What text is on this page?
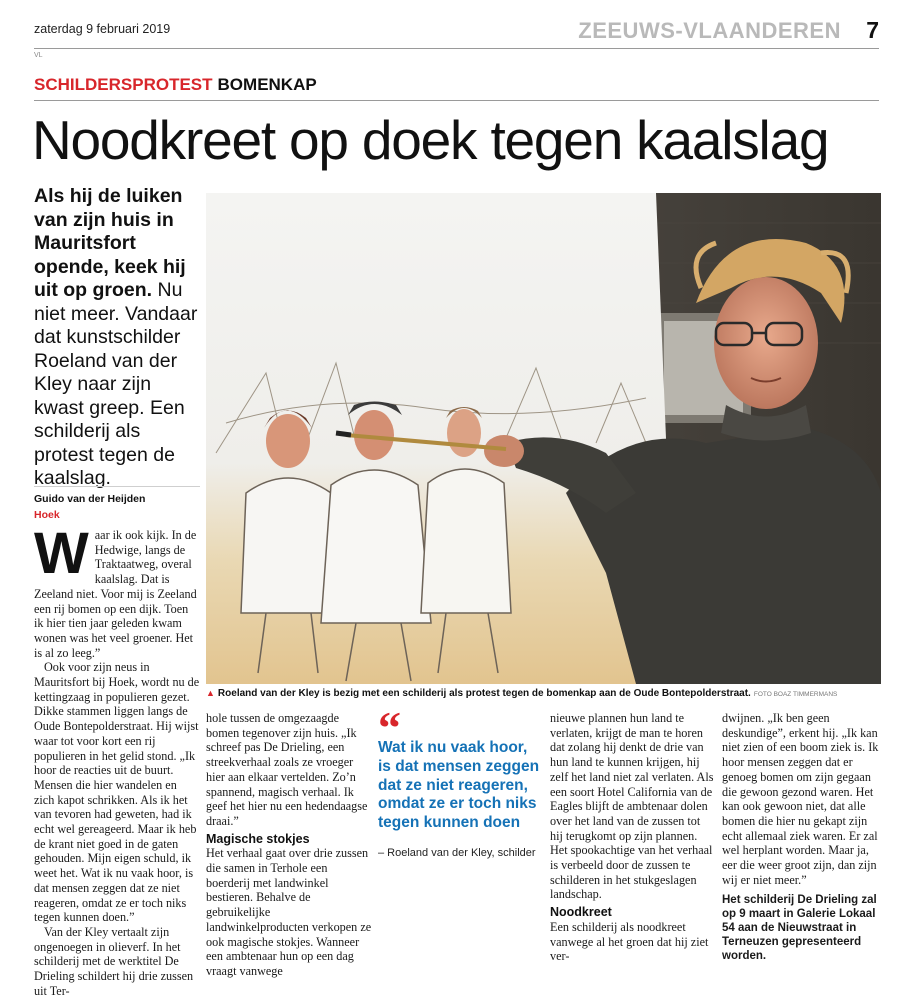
zaterdag 9 februari 2019	ZEEUWS-VLAANDEREN 7
VL
SCHILDERSPROTEST BOMENKAP
Noodkreet op doek tegen kaalslag
Als hij de luiken van zijn huis in Mauritsfort opende, keek hij uit op groen. Nu niet meer. Vandaar dat kunstschilder Roeland van der Kley naar zijn kwast greep. Een schilderij als protest tegen de kaalslag.
Guido van der Heijden
Hoek

Waar ik ook kijk. In de Hedwige, langs de Traktaatweg, overal kaalslag. Dat is Zeeland niet. Voor mij is Zeeland een rij bomen op een dijk. Toen ik hier tien jaar geleden kwam wonen was het veel groener. Het is al zo leeg.”

Ook voor zijn neus in Mauritsfort bij Hoek, wordt nu de kettingzaag in populieren gezet. Dikke stammen liggen langs de Oude Bontepolderstraat. Hij wijst waar tot voor kort een rij populieren in het gelid stond. „Ik hoor de reacties uit de buurt. Mensen die hier wandelen en zich kapot schrikken. Als ik het van tevoren had geweten, had ik echt wel gereageerd. Maar ik heb de krant niet goed in de gaten gehouden. Mijn eigen schuld, ik weet het. Wat ik nu vaak hoor, is dat mensen zeggen dat ze niet reageren, omdat ze er toch niks tegen kunnen doen.”

Van der Kley vertaalt zijn ongenoegen in olieverf. In het schilderij met de werktitel De Drieling schildert hij drie zussen uit Ter-

▲ Roeland van der Kley is bezig met een schilderij als protest tegen de bomenkap aan de Oude Bontepolderstraat. FOTO BOAZ TIMMERMANS

hole tussen de omgezaagde bomen tegenover zijn huis. „Ik schreef pas De Drieling, een streekverhaal zoals ze vroeger hier aan elkaar vertelden. Zo’n spannend, magisch verhaal. Ik geef het hier nu een hedendaagse draai.”

Magische stokjes

Het verhaal gaat over drie zussen die samen in Terhole een boerderij met landwinkel bestieren. Behalve de gebruikelijke landwinkelproducten verkopen ze ook magische stokjes. Wanneer een ambtenaar hun op een dag vraagt vanwege

“
Wat ik nu vaak hoor, is dat mensen zeggen dat ze niet reageren, omdat ze er toch niks tegen kunnen doen
– Roeland van der Kley, schilder

nieuwe plannen hun land te verlaten, krijgt de man te horen dat zolang hij denkt de drie van hun land te kunnen krijgen, hij zelf het land niet zal verlaten. Als een soort Hotel California van de Eagles blijft de ambtenaar dolen over het land van de zussen tot hij terugkomt op zijn plannen. Het spookachtige van het verhaal is verbeeld door de zussen te schilderen in het stukgeslagen landschap.

Noodkreet

Een schilderij als noodkreet vanwege al het groen dat hij ziet ver-

dwijnen. „Ik ben geen deskundige”, erkent hij. „Ik kan niet zien of een boom ziek is. Ik hoor mensen zeggen dat er genoeg bomen om zijn gegaan die gewoon gezond waren. Het kan ook gewoon niet, dat alle bomen die hier nu gekapt zijn echt allemaal ziek waren. Er zal wel herplant worden. Maar ja, eer die weer groot zijn, dan zijn wij er niet meer.”

Het schilderij De Drieling zal op 9 maart in Galerie Lokaal 54 aan de Nieuwstraat in Terneuzen gepresenteerd worden.
